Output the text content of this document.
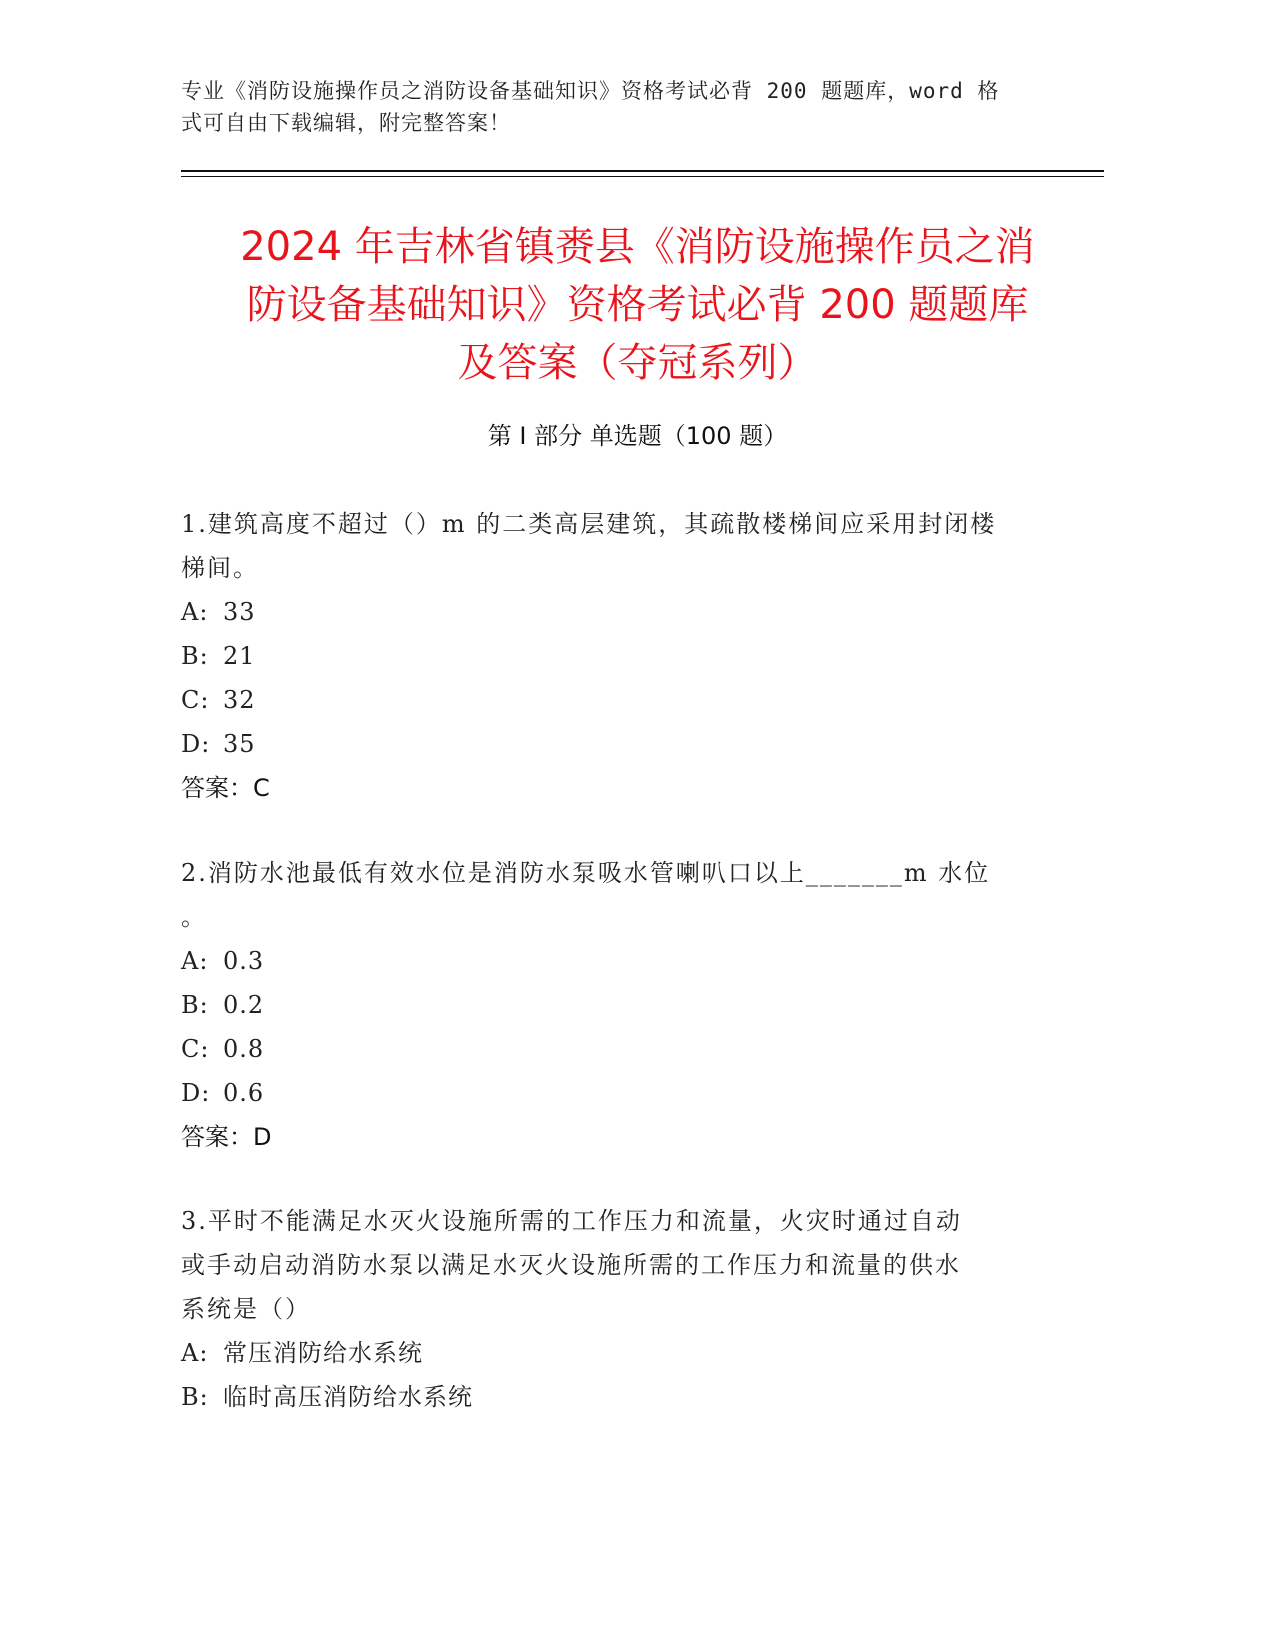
专业《消防设施操作员之消防设备基础知识》资格考试必背 200 题题库，word 格
式可自由下载编辑，附完整答案！
2024 年吉林省镇赉县《消防设施操作员之消
防设备基础知识》资格考试必背 200 题题库
及答案（夺冠系列）
第 I 部分 单选题（100 题）

1.建筑高度不超过（）m 的二类高层建筑，其疏散楼梯间应采用封闭楼

梯间。

A: 33

B: 21

C: 32

D: 35

答案：C

2.消防水池最低有效水位是消防水泵吸水管喇叭口以上_______m 水位

。

A: 0.3

B: 0.2

C: 0.8

D: 0.6

答案：D

3.平时不能满足水灭火设施所需的工作压力和流量，火灾时通过自动

或手动启动消防水泵以满足水灭火设施所需的工作压力和流量的供水

系统是（）

A: 常压消防给水系统

B: 临时高压消防给水系统
